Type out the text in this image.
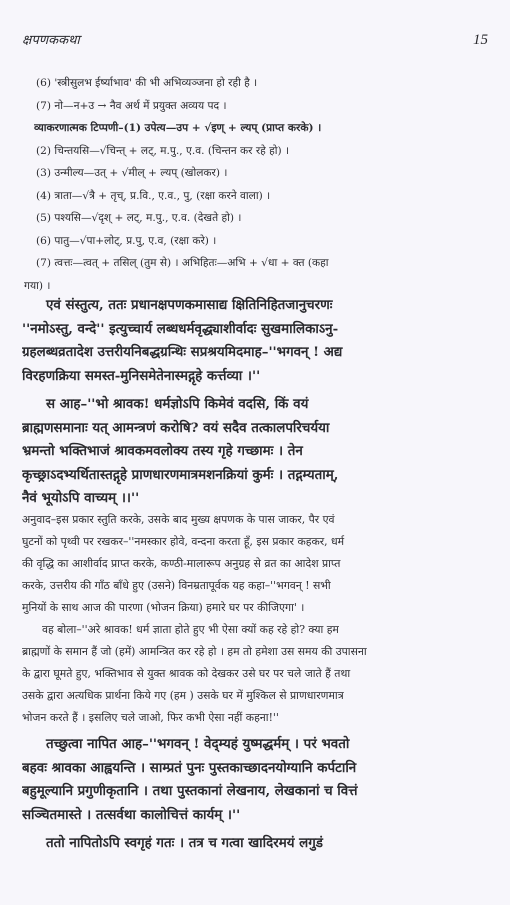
क्षपणककथा	15
(6) 'स्त्रीसुलभ ईर्ष्याभाव' की भी अभिव्यञ्जना हो रही है ।
(7) नो—न+उ → नैव अर्थ में प्रयुक्त अव्यय पद ।
व्याकरणात्मक टिप्पणी–(1) उपेत्य—उप + √इण् + ल्यप् (प्राप्त करके) ।
(2) चिन्तयसि—√चिन्त् + लट्, म.पु., ए.व. (चिन्तन कर रहे हो) ।
(3) उन्मील्य—उत् + √मील् + ल्यप् (खोलकर) ।
(4) त्राता—√त्रै + तृच्, प्र.वि., ए.व., पु, (रक्षा करने वाला) ।
(5) पश्यसि—√दृश् + लट्, म.पु., ए.व. (देखते हो) ।
(6) पातु—√पा+लोट्, प्र.पु, ए.व, (रक्षा करे) ।
(7) त्वत्तः—त्वत् + तसिल् (तुम से) । अभिहितः—अभि + √धा + क्त (कहा
गया) ।
एवं संस्तुत्य, ततः प्रधानक्षपणकमासाद्य क्षितिनिहितजानुचरणः
''नमोऽस्तु, वन्दे'' इत्युच्चार्य लब्धधर्मवृद्ध्याशीर्वादः सुखमालिकाऽनु-
ग्रहलब्धव्रतादेश उत्तरीयनिबद्धग्रन्थिः सप्रश्रयमिदमाह–''भगवन् ! अद्य
विरहणक्रिया समस्त-मुनिसमेतेनास्मद्गृहे कर्त्तव्या ।''
स आह–''भो श्रावक! धर्मज्ञोऽपि किमेवं वदसि, किं वयं
ब्राह्मणसमानाः यत् आमन्त्रणं करोषि? वयं सदैव तत्कालपरिचर्यया
भ्रमन्तो भक्तिभाजं श्रावकमवलोक्य तस्य गृहे गच्छामः । तेन
कृच्छ्राऽदभ्यर्थितास्तद्गृहे प्राणधारणमात्रमशनक्रियां कुर्मः । तद्गम्यताम्,
नैवं भूयोऽपि वाच्यम् ।।''
अनुवाद–इस प्रकार स्तुति करके, उसके बाद मुख्य क्षपणक के पास जाकर, पैर एवं
घुटनों को पृथ्वी पर रखकर–''नमस्कार होवे, वन्दना करता हूँ, इस प्रकार कहकर, धर्म
की वृद्धि का आशीर्वाद प्राप्त करके, कण्ठी-मालारूप अनुग्रह से व्रत का आदेश प्राप्त
करके, उत्तरीय की गाँठ बाँधे हुए (उसने) विनम्रतापूर्वक यह कहा–''भगवन् ! सभी
मुनियों के साथ आज की पारणा (भोजन क्रिया) हमारे घर पर कीजिएगा' ।
वह बोला–''अरे श्रावक! धर्म ज्ञाता होते हुए भी ऐसा क्यों कह रहे हो? क्या हम
ब्राह्मणों के समान हैं जो (हमें) आमन्त्रित कर रहे हो । हम तो हमेशा उस समय की उपासना
के द्वारा घूमते हुए, भक्तिभाव से युक्त श्रावक को देखकर उसे घर पर चले जाते हैं तथा
उसके द्वारा अत्यधिक प्रार्थना किये गए (हम ) उसके घर में मुश्किल से प्राणधारणमात्र
भोजन करते हैं । इसलिए चले जाओ, फिर कभी ऐसा नहीं कहना!''
तच्छुत्वा नापित आह–''भगवन् ! वेद्म्यहं युष्मद्धर्मम् । परं भवतो
बहवः श्रावका आह्वयन्ति । साम्प्रतं पुनः पुस्तकाच्छादनयोग्यानि कर्पटानि
बहुमूल्यानि प्रगुणीकृतानि । तथा पुस्तकानां लेखनाय, लेखकानां च वित्तं
सञ्चितमास्ते । तत्सर्वथा कालोचित्तं कार्यम् ।''
ततो नापितोऽपि स्वगृहं गतः । तत्र च गत्वा खादिरमयं लगुडं
